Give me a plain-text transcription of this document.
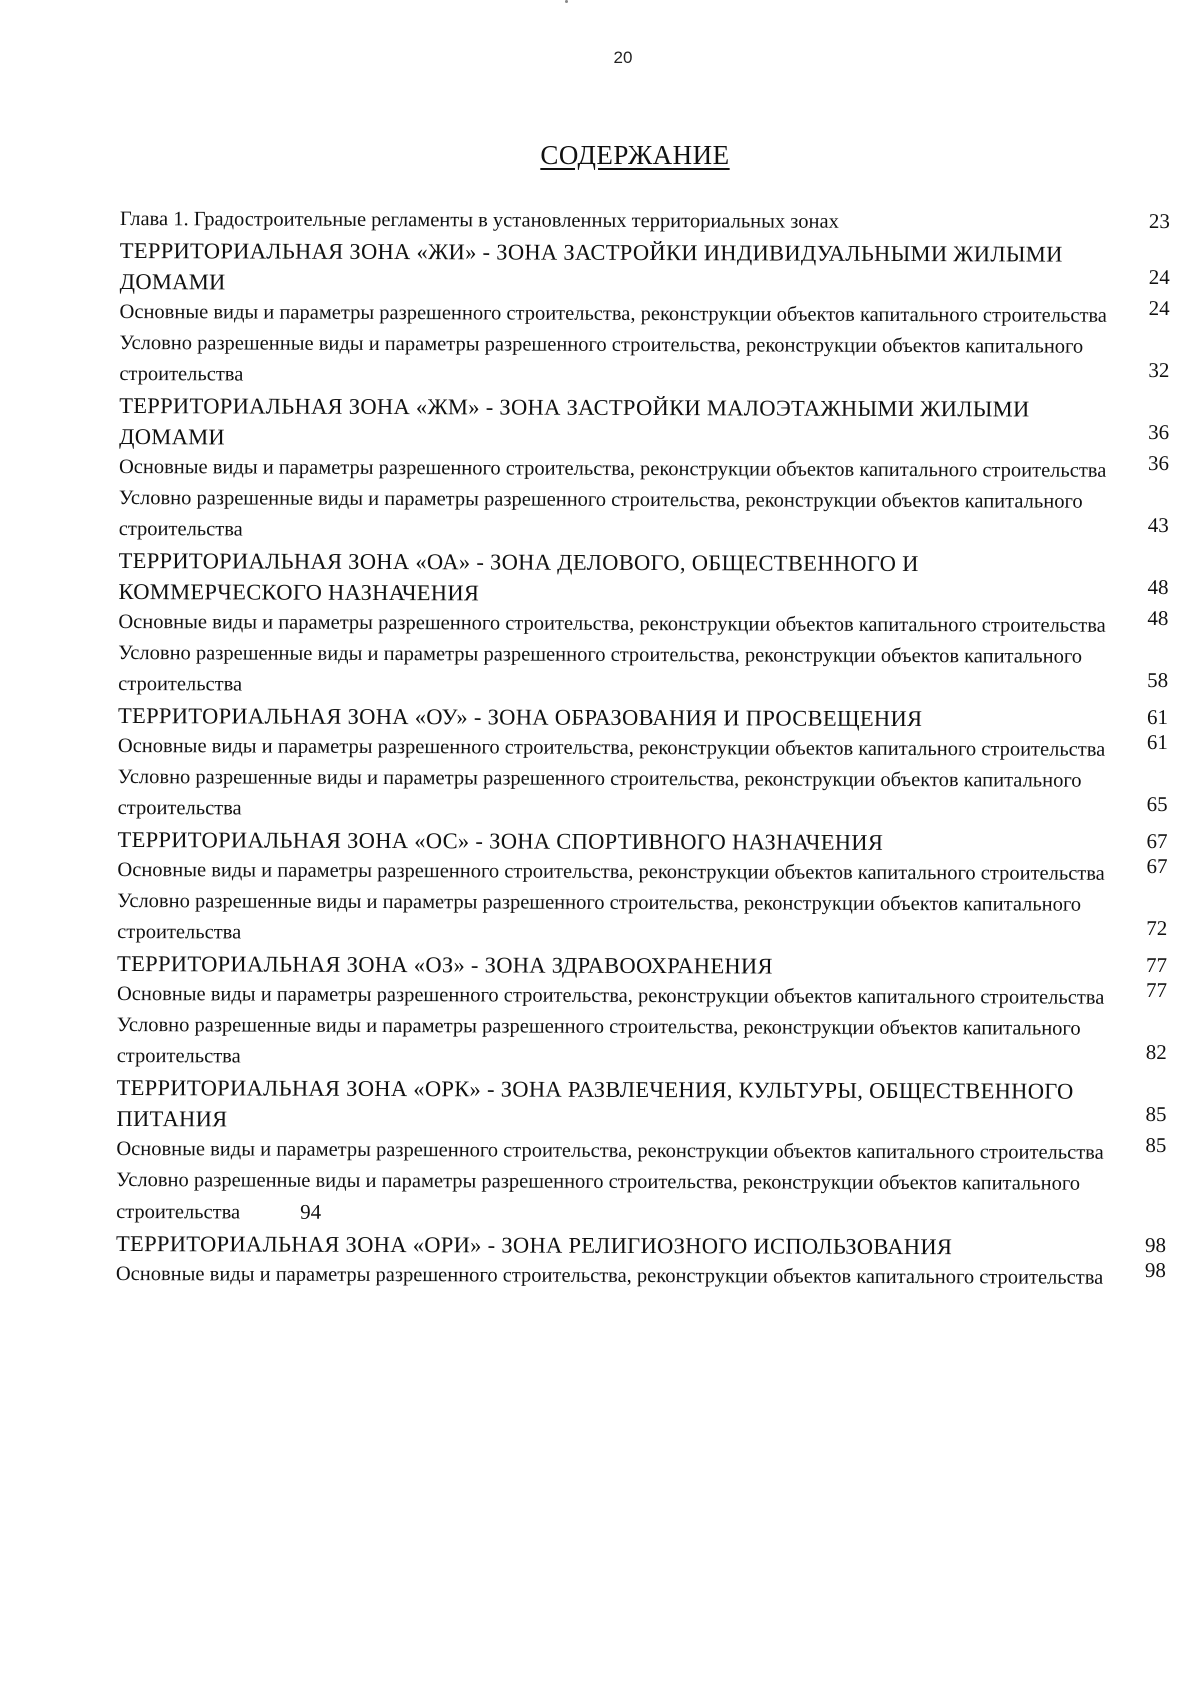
20
СОДЕРЖАНИЕ
Глава 1. Градостроительные регламенты в установленных территориальных зонах	23
ТЕРРИТОРИАЛЬНАЯ ЗОНА «ЖИ» - ЗОНА ЗАСТРОЙКИ ИНДИВИДУАЛЬНЫМИ ЖИЛЫМИ ДОМАМИ	24
Основные виды и параметры разрешенного строительства, реконструкции объектов капитального строительства	24
Условно разрешенные виды и параметры разрешенного строительства, реконструкции объектов капитального строительства	32
ТЕРРИТОРИАЛЬНАЯ ЗОНА «ЖМ» - ЗОНА ЗАСТРОЙКИ МАЛОЭТАЖНЫМИ ЖИЛЫМИ ДОМАМИ	36
Основные виды и параметры разрешенного строительства, реконструкции объектов капитального строительства	36
Условно разрешенные виды и параметры разрешенного строительства, реконструкции объектов капитального строительства	43
ТЕРРИТОРИАЛЬНАЯ ЗОНА «ОА» - ЗОНА ДЕЛОВОГО, ОБЩЕСТВЕННОГО И КОММЕРЧЕСКОГО НАЗНАЧЕНИЯ	48
Основные виды и параметры разрешенного строительства, реконструкции объектов капитального строительства	48
Условно разрешенные виды и параметры разрешенного строительства, реконструкции объектов капитального строительства	58
ТЕРРИТОРИАЛЬНАЯ ЗОНА «ОУ» - ЗОНА ОБРАЗОВАНИЯ И ПРОСВЕЩЕНИЯ	61
Основные виды и параметры разрешенного строительства, реконструкции объектов капитального строительства	61
Условно разрешенные виды и параметры разрешенного строительства, реконструкции объектов капитального строительства	65
ТЕРРИТОРИАЛЬНАЯ ЗОНА «ОС» - ЗОНА СПОРТИВНОГО НАЗНАЧЕНИЯ	67
Основные виды и параметры разрешенного строительства, реконструкции объектов капитального строительства	67
Условно разрешенные виды и параметры разрешенного строительства, реконструкции объектов капитального строительства	72
ТЕРРИТОРИАЛЬНАЯ ЗОНА «ОЗ» - ЗОНА ЗДРАВООХРАНЕНИЯ	77
Основные виды и параметры разрешенного строительства, реконструкции объектов капитального строительства	77
Условно разрешенные виды и параметры разрешенного строительства, реконструкции объектов капитального строительства	82
ТЕРРИТОРИАЛЬНАЯ ЗОНА «ОРК» - ЗОНА РАЗВЛЕЧЕНИЯ, КУЛЬТУРЫ, ОБЩЕСТВЕННОГО ПИТАНИЯ	85
Основные виды и параметры разрешенного строительства, реконструкции объектов капитального строительства	85
Условно разрешенные виды и параметры разрешенного строительства, реконструкции объектов капитального строительства	94
ТЕРРИТОРИАЛЬНАЯ ЗОНА «ОРИ» - ЗОНА РЕЛИГИОЗНОГО ИСПОЛЬЗОВАНИЯ	98
Основные виды и параметры разрешенного строительства, реконструкции объектов капитального строительства	98
